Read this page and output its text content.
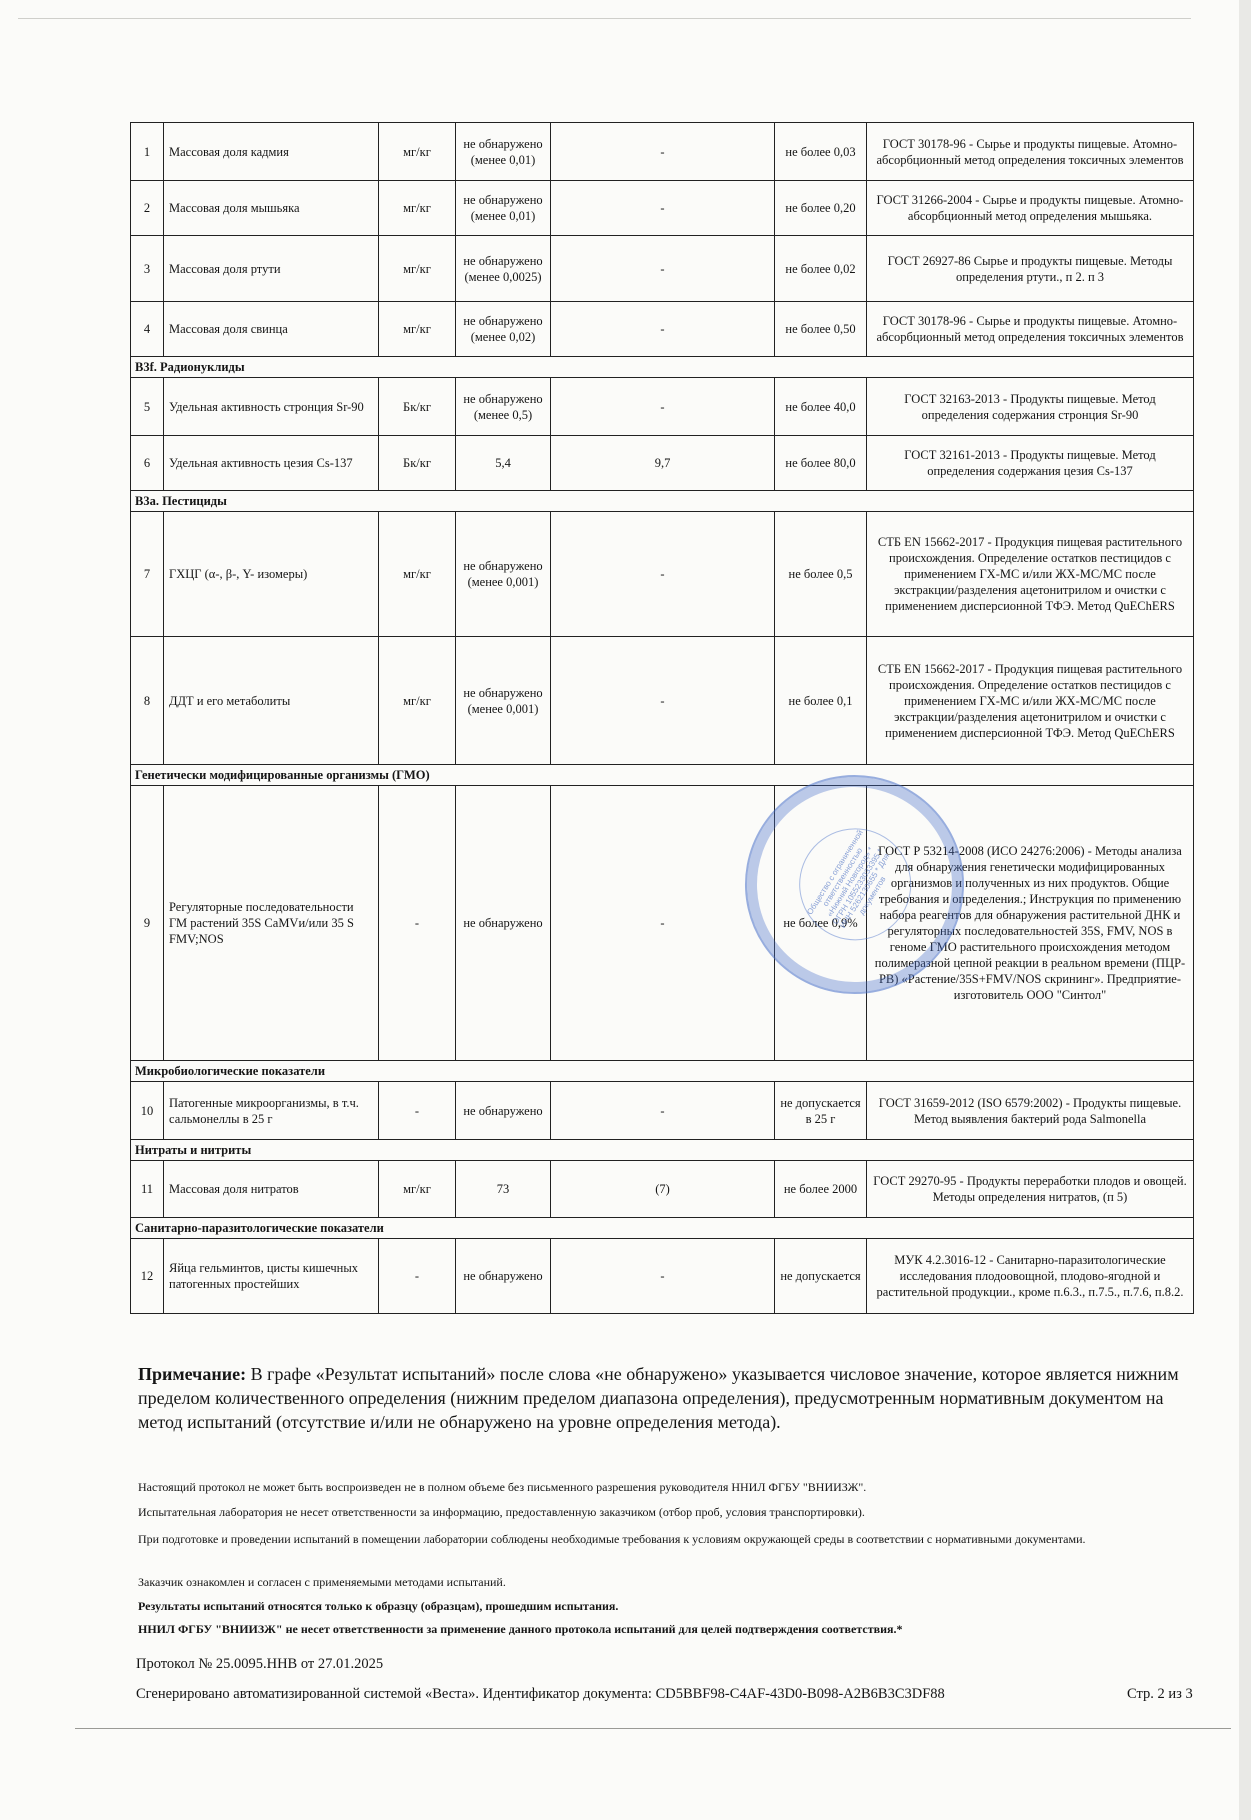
1	Массовая доля кадмия	мг/кг	не обнаружено (менее 0,01)	-	не более 0,03	ГОСТ 30178-96 - Сырье и продукты пищевые. Атомно-абсорбционный метод определения токсичных элементов
2	Массовая доля мышьяка	мг/кг	не обнаружено (менее 0,01)	-	не более 0,20	ГОСТ 31266-2004 - Сырье и продукты пищевые. Атомно-абсорбционный метод определения мышьяка.
3	Массовая доля ртути	мг/кг	не обнаружено (менее 0,0025)	-	не более 0,02	ГОСТ 26927-86 Сырье и продукты пищевые. Методы определения ртути., п 2. п 3
4	Массовая доля свинца	мг/кг	не обнаружено (менее 0,02)	-	не более 0,50	ГОСТ 30178-96 - Сырье и продукты пищевые. Атомно-абсорбционный метод определения токсичных элементов
B3f. Радионуклиды						
5	Удельная активность стронция Sr-90	Бк/кг	не обнаружено (менее 0,5)	-	не более 40,0	ГОСТ 32163-2013 - Продукты пищевые. Метод определения содержания стронция Sr-90
6	Удельная активность цезия Cs-137	Бк/кг	5,4	9,7	не более 80,0	ГОСТ 32161-2013 - Продукты пищевые. Метод определения содержания цезия Cs-137
B3a. Пестициды						
7	ГХЦГ (α-, β-, Y- изомеры)	мг/кг	не обнаружено (менее 0,001)	-	не более 0,5	СТБ EN 15662-2017 - Продукция пищевая растительного происхождения. Определение остатков пестицидов с применением ГХ-МС и/или ЖХ-МС/МС после экстракции/разделения ацетонитрилом и очистки с применением дисперсионной ТФЭ. Метод QuEChERS
8	ДДТ и его метаболиты	мг/кг	не обнаружено (менее 0,001)	-	не более 0,1	СТБ EN 15662-2017 - Продукция пищевая растительного происхождения. Определение остатков пестицидов с применением ГХ-МС и/или ЖХ-МС/МС после экстракции/разделения ацетонитрилом и очистки с применением дисперсионной ТФЭ. Метод QuEChERS
Генетически модифицированные организмы (ГМО)						
9	Регуляторные последовательности ГМ растений 35S CaMVи/или 35 S FMV;NOS	-	не обнаружено	-	не более 0,9%	ГОСТ Р 53214-2008 (ИСО 24276:2006) - Методы анализа для обнаружения генетически модифицированных организмов и полученных из них продуктов. Общие требования и определения.; Инструкция по применению набора реагентов для обнаружения растительной ДНК и регуляторных последовательностей 35S, FMV, NOS в геноме ГМО растительного происхождения методом полимеразной цепной реакции в реальном времени (ПЦР-РВ) «Растение/35S+FMV/NOS скрининг». Предприятие-изготовитель ООО "Синтол"
Микробиологические показатели						
10	Патогенные микроорганизмы, в т.ч. сальмонеллы в 25 г	-	не обнаружено	-	не допускается в 25 г	ГОСТ 31659-2012 (ISO 6579:2002) - Продукты пищевые. Метод выявления бактерий рода Salmonella
Нитраты и нитриты						
11	Массовая доля нитратов	мг/кг	73	(7)	не более 2000	ГОСТ 29270-95 - Продукты переработки плодов и овощей. Методы определения нитратов, (п 5)
Санитарно-паразитологические показатели						
12	Яйца гельминтов, цисты кишечных патогенных простейших	-	не обнаружено	-	не допускается	МУК 4.2.3016-12 - Санитарно-паразитологические исследования плодоовощной, плодово-ягодной и растительной продукции., кроме п.6.3., п.7.5., п.7.6, п.8.2.
Общество с ограниченной ответственностью «Нижний Новгород» * ОГРН 1055233033395 * ИНН 5262130655 * Для документов
Примечание: В графе «Результат испытаний» после слова «не обнаружено» указывается числовое значение, которое является нижним пределом количественного определения (нижним пределом диапазона определения), предусмотренным нормативным документом на метод испытаний (отсутствие и/или не обнаружено на уровне определения метода).
Настоящий протокол не может быть воспроизведен не в полном объеме без письменного разрешения руководителя ННИЛ ФГБУ "ВНИИЗЖ".
Испытательная лаборатория не несет ответственности за информацию, предоставленную заказчиком (отбор проб, условия транспортировки).
При подготовке и проведении испытаний в помещении лаборатории соблюдены необходимые требования к условиям окружающей среды в соответствии с нормативными документами.
Заказчик ознакомлен и согласен с применяемыми методами испытаний.
Результаты испытаний относятся только к образцу (образцам), прошедшим испытания.
ННИЛ ФГБУ "ВНИИЗЖ" не несет ответственности за применение данного протокола испытаний для целей подтверждения соответствия.*
Протокол № 25.0095.ННВ от 27.01.2025
Сгенерировано автоматизированной системой «Веста». Идентификатор документа: CD5BBF98-C4AF-43D0-B098-A2B6B3C3DF88	Стр. 2 из 3
